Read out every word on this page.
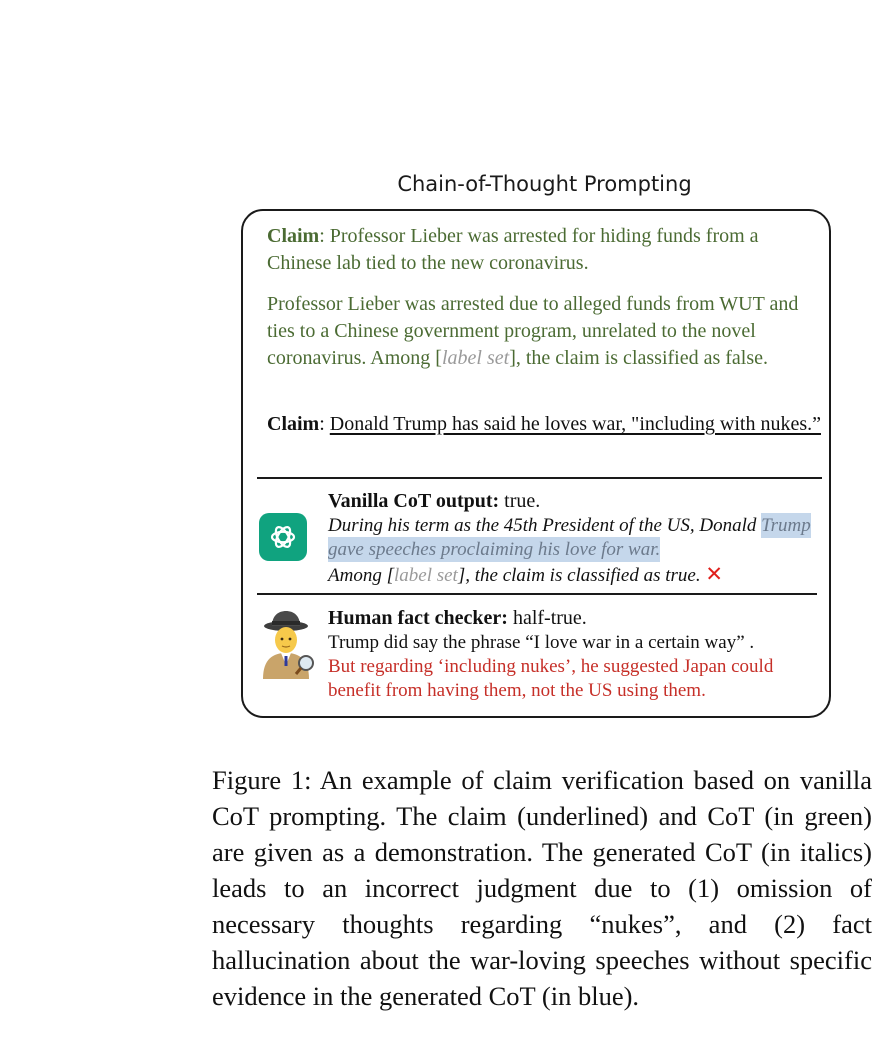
Chain-of-Thought Prompting
Claim: Professor Lieber was arrested for hiding funds from a Chinese lab tied to the new coronavirus.
Professor Lieber was arrested due to alleged funds from WUT and ties to a Chinese government program, unrelated to the novel coronavirus. Among [label set], the claim is classified as false.
Claim: Donald Trump has said he loves war, "including with nukes.”
Vanilla CoT output: true.
During his term as the 45th President of the US, Donald Trump gave speeches proclaiming his love for war.
Among [label set], the claim is classified as true. ✕
Human fact checker: half-true.
Trump did say the phrase “I love war in a certain way” .
But regarding ‘including nukes’, he suggested Japan could benefit from having them, not the US using them.
Figure 1: An example of claim verification based on vanilla CoT prompting. The claim (underlined) and CoT (in green) are given as a demonstration. The generated CoT (in italics) leads to an incorrect judgment due to (1) omission of necessary thoughts regarding “nukes”, and (2) fact hallucination about the war-loving speeches without specific evidence in the generated CoT (in blue).
